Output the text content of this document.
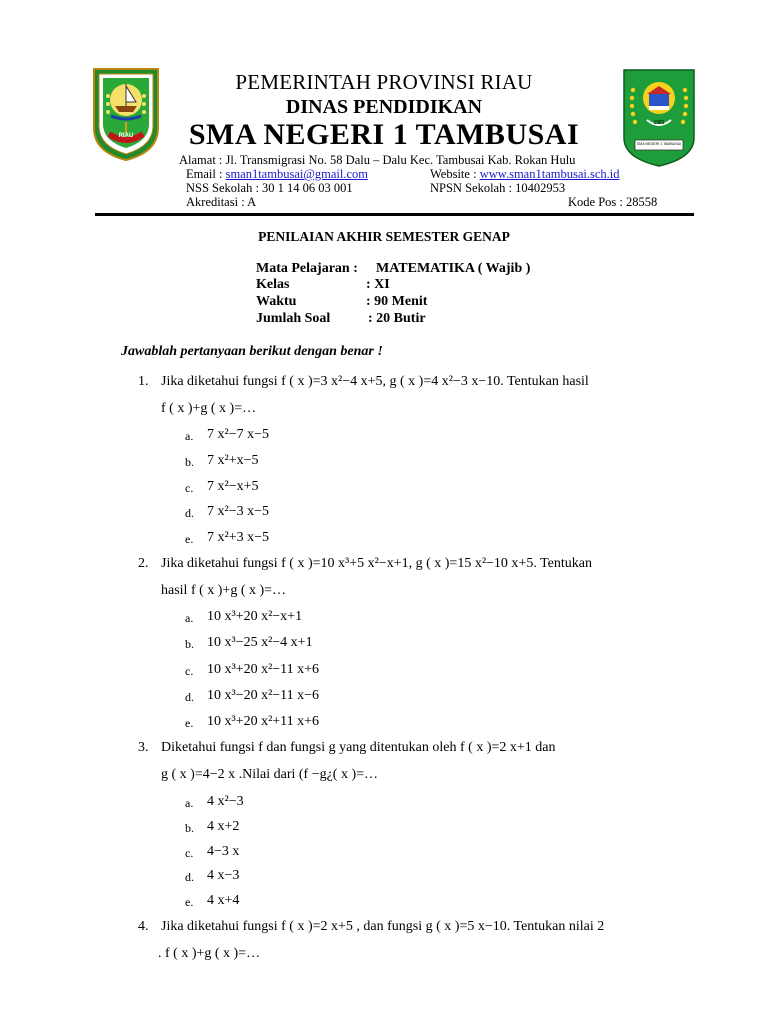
RIAU
1981
SMA NEGERI 1 TAMBUSAI
PEMERINTAH PROVINSI RIAU
DINAS PENDIDIKAN
SMA NEGERI 1 TAMBUSAI
Alamat : Jl. Transmigrasi No. 58 Dalu – Dalu Kec. Tambusai Kab. Rokan Hulu
Email : sman1tambusai@gmail.com	Website : www.sman1tambusai.sch.id
NSS Sekolah : 30 1 14 06 03 001	NPSN Sekolah : 10402953
Akreditasi : A	Kode Pos : 28558
PENILAIAN AKHIR SEMESTER GENAP
Mata Pelajaran : MATEMATIKA ( Wajib )
Kelas	: XI
Waktu	: 90 Menit
Jumlah Soal	: 20 Butir
Jawablah pertanyaan berikut dengan benar !
1. Jika diketahui fungsi f ( x )=3 x²−4 x+5, g ( x )=4 x²−3 x−10. Tentukan hasil
f ( x )+g ( x )=…
a. 7 x²−7 x−5
b. 7 x²+x−5
c. 7 x²−x+5
d. 7 x²−3 x−5
e. 7 x²+3 x−5
2. Jika diketahui fungsi f ( x )=10 x³+5 x²−x+1, g ( x )=15 x²−10 x+5. Tentukan
hasil f ( x )+g ( x )=…
a. 10 x³+20 x²−x+1
b. 10 x³−25 x²−4 x+1
c. 10 x³+20 x²−11 x+6
d. 10 x³−20 x²−11 x−6
e. 10 x³+20 x²+11 x+6
3. Diketahui fungsi f dan fungsi g yang ditentukan oleh f ( x )=2 x+1 dan
g ( x )=4−2 x .Nilai dari (f −g¿( x )=…
a. 4 x²−3
b. 4 x+2
c. 4−3 x
d. 4 x−3
e. 4 x+4
4. Jika diketahui fungsi f ( x )=2 x+5 , dan fungsi g ( x )=5 x−10. Tentukan nilai 2
. f ( x )+g ( x )=…
